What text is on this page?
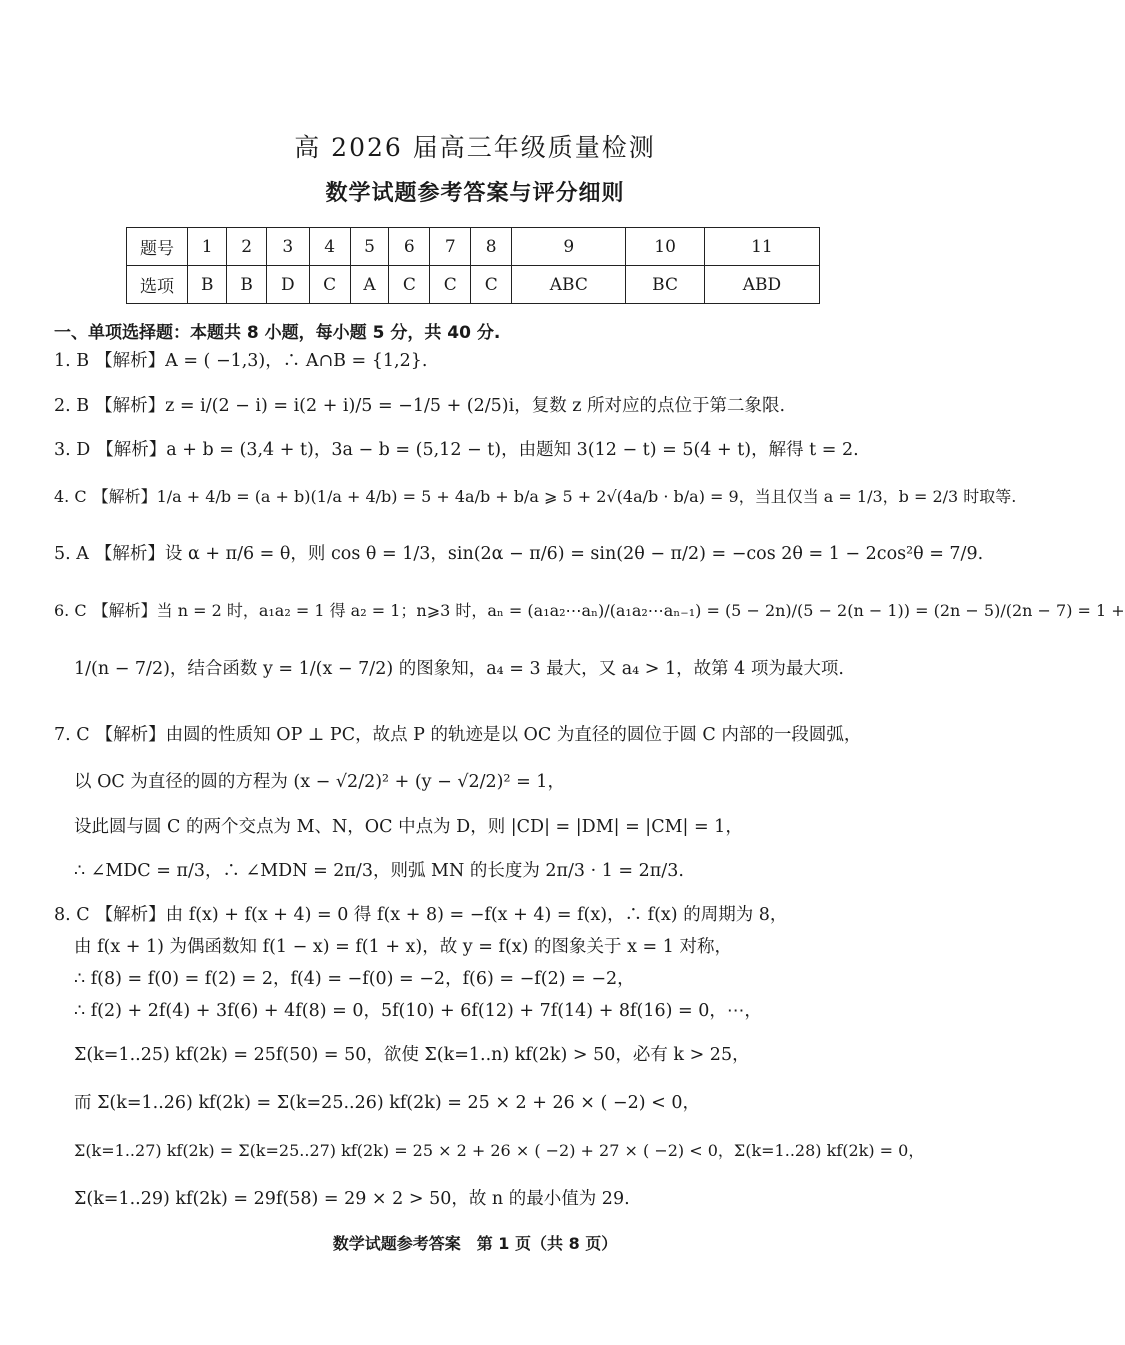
高 2026 届高三年级质量检测
数学试题参考答案与评分细则
题号	1	2	3	4	5	6	7	8	9	10	11
选项	B	B	D	C	A	C	C	C	ABC	BC	ABD
一、单项选择题：本题共 8 小题，每小题 5 分，共 40 分.
1. B 【解析】A = ( −1,3)，∴ A∩B = {1,2}.
2. B 【解析】z = i/(2 − i) = i(2 + i)/5 = −1/5 + (2/5)i，复数 z 所对应的点位于第二象限.
3. D 【解析】a + b = (3,4 + t)，3a − b = (5,12 − t)，由题知 3(12 − t) = 5(4 + t)，解得 t = 2.
4. C 【解析】1/a + 4/b = (a + b)(1/a + 4/b) = 5 + 4a/b + b/a ⩾ 5 + 2√(4a/b · b/a) = 9，当且仅当 a = 1/3，b = 2/3 时取等.
5. A 【解析】设 α + π/6 = θ，则 cos θ = 1/3，sin(2α − π/6) = sin(2θ − π/2) = −cos 2θ = 1 − 2cos²θ = 7/9.
6. C 【解析】当 n = 2 时，a₁a₂ = 1 得 a₂ = 1；n⩾3 时，aₙ = (a₁a₂⋯aₙ)/(a₁a₂⋯aₙ₋₁) = (5 − 2n)/(5 − 2(n − 1)) = (2n − 5)/(2n − 7) = 1 +
1/(n − 7/2)，结合函数 y = 1/(x − 7/2) 的图象知，a₄ = 3 最大，又 a₄ > 1，故第 4 项为最大项.
7. C 【解析】由圆的性质知 OP ⊥ PC，故点 P 的轨迹是以 OC 为直径的圆位于圆 C 内部的一段圆弧，
以 OC 为直径的圆的方程为 (x − √2/2)² + (y − √2/2)² = 1，
设此圆与圆 C 的两个交点为 M、N，OC 中点为 D，则 |CD| = |DM| = |CM| = 1，
∴ ∠MDC = π/3，∴ ∠MDN = 2π/3，则弧 MN 的长度为 2π/3 · 1 = 2π/3.
8. C 【解析】由 f(x) + f(x + 4) = 0 得 f(x + 8) = −f(x + 4) = f(x)，∴ f(x) 的周期为 8，
由 f(x + 1) 为偶函数知 f(1 − x) = f(1 + x)，故 y = f(x) 的图象关于 x = 1 对称，
∴ f(8) = f(0) = f(2) = 2，f(4) = −f(0) = −2，f(6) = −f(2) = −2，
∴ f(2) + 2f(4) + 3f(6) + 4f(8) = 0，5f(10) + 6f(12) + 7f(14) + 8f(16) = 0，⋯，
Σ(k=1..25) kf(2k) = 25f(50) = 50，欲使 Σ(k=1..n) kf(2k) > 50，必有 k > 25，
而 Σ(k=1..26) kf(2k) = Σ(k=25..26) kf(2k) = 25 × 2 + 26 × ( −2) < 0，
Σ(k=1..27) kf(2k) = Σ(k=25..27) kf(2k) = 25 × 2 + 26 × ( −2) + 27 × ( −2) < 0，Σ(k=1..28) kf(2k) = 0，
Σ(k=1..29) kf(2k) = 29f(58) = 29 × 2 > 50，故 n 的最小值为 29.
数学试题参考答案　第 1 页（共 8 页）
